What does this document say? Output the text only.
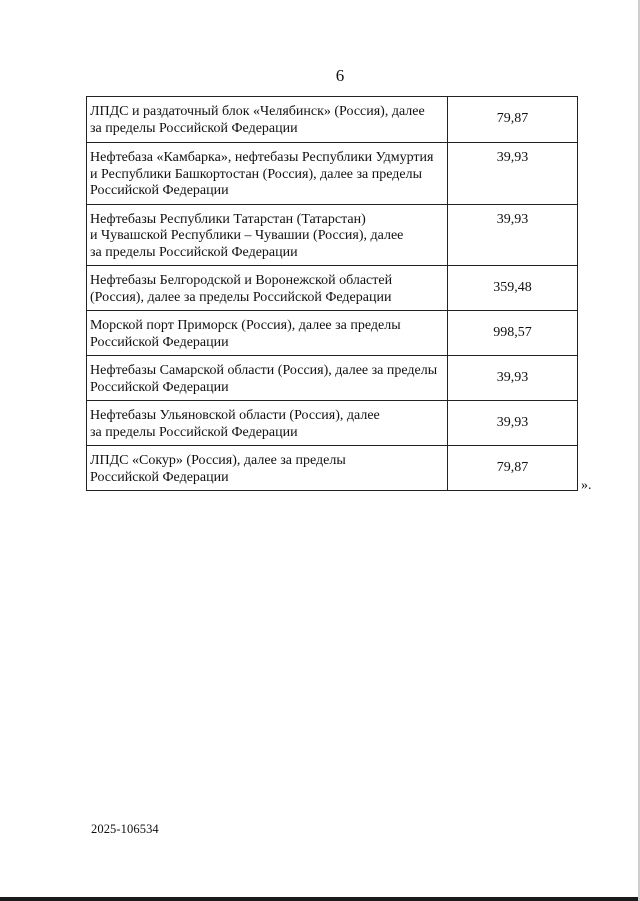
6
ЛПДС и раздаточный блок «Челябинск» (Россия), далее
за пределы Российской Федерации	79,87
Нефтебаза «Камбарка», нефтебазы Республики Удмуртия
и Республики Башкортостан (Россия), далее за пределы
Российской Федерации	39,93
Нефтебазы Республики Татарстан (Татарстан)
и Чувашской Республики – Чувашии (Россия), далее
за пределы Российской Федерации	39,93
Нефтебазы Белгородской и Воронежской областей
(Россия), далее за пределы Российской Федерации	359,48
Морской порт Приморск (Россия), далее за пределы
Российской Федерации	998,57
Нефтебазы Самарской области (Россия), далее за пределы
Российской Федерации	39,93
Нефтебазы Ульяновской области (Россия), далее
за пределы Российской Федерации	39,93
ЛПДС «Сокур» (Россия), далее за пределы
Российской Федерации	79,87
».
2025-106534
